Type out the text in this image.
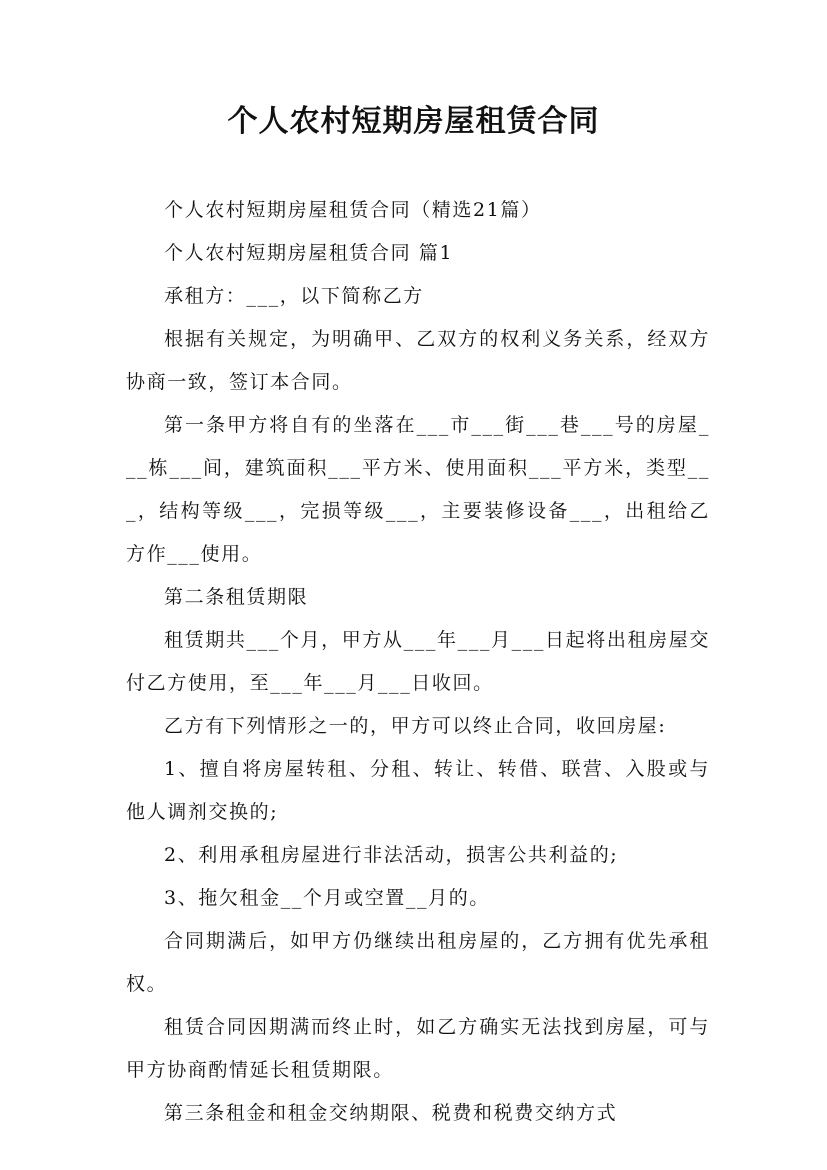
个人农村短期房屋租赁合同

个人农村短期房屋租赁合同（精选21篇）

个人农村短期房屋租赁合同 篇1

承租方：___，以下简称乙方

根据有关规定，为明确甲、乙双方的权利义务关系，经双方协商一致，签订本合同。

第一条甲方将自有的坐落在___市___街___巷___号的房屋___栋___间，建筑面积___平方米、使用面积___平方米，类型___，结构等级___，完损等级___，主要装修设备___，出租给乙方作___使用。

第二条租赁期限

租赁期共___个月，甲方从___年___月___日起将出租房屋交付乙方使用，至___年___月___日收回。

乙方有下列情形之一的，甲方可以终止合同，收回房屋:

1、擅自将房屋转租、分租、转让、转借、联营、入股或与他人调剂交换的;

2、利用承租房屋进行非法活动，损害公共利益的;

3、拖欠租金__个月或空置__月的。

合同期满后，如甲方仍继续出租房屋的，乙方拥有优先承租权。

租赁合同因期满而终止时，如乙方确实无法找到房屋，可与甲方协商酌情延长租赁期限。

第三条租金和租金交纳期限、税费和税费交纳方式
